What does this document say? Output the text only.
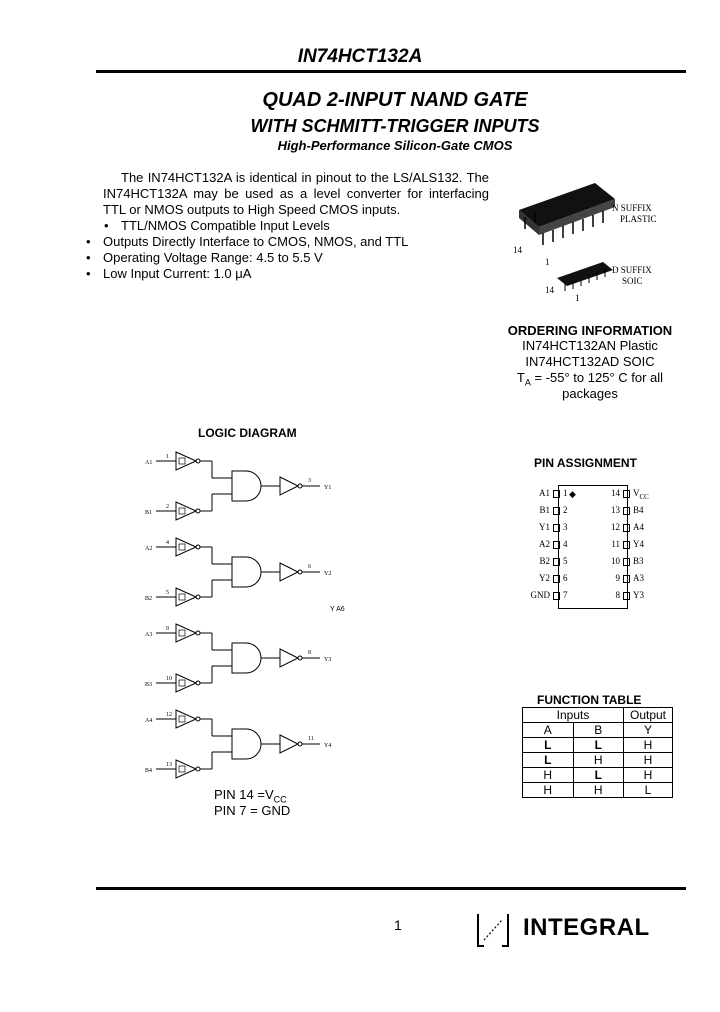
IN74HCT132A
QUAD 2-INPUT NAND GATE
WITH SCHMITT-TRIGGER INPUTS
High-Performance Silicon-Gate CMOS
The IN74HCT132A is identical in pinout to the LS/ALS132. The IN74HCT132A may be used as a level converter for interfacing TTL or NMOS outputs to High Speed CMOS inputs.
• TTL/NMOS Compatible Input Levels
• Outputs Directly Interface to CMOS, NMOS, and TTL
• Operating Voltage Range: 4.5 to 5.5 V
• Low Input Current: 1.0 μA
N SUFFIX
PLASTIC
14
1
D SUFFIX
SOIC
14
1
ORDERING INFORMATION
IN74HCT132AN Plastic
IN74HCT132AD SOIC
$T_A = -55^\circ$ to 125° C for all
packages
LOGIC DIAGRAM
A1
1
B1
2
3
Y1
A2
4
B2
5
6
Y2
A3
9
B3
10
8
Y3
A4
12
B4
13
11
Y4
Y A6
PIN $14 =V_{CC}$
PIN 7 = GND
PIN ASSIGNMENT
◆
A1 1
B1 2
Y1 3
A2 4
B2 5
Y2 6
GND 7
14 $V_{CC}$
13 B4
12 A4
11 Y4
10 B3
9 A3
8 Y3
FUNCTION TABLE
Inputs		Output
A	B	Y
L	L	H
L	H	H
H	L	H
H	H	L
1	INTEGRAL
